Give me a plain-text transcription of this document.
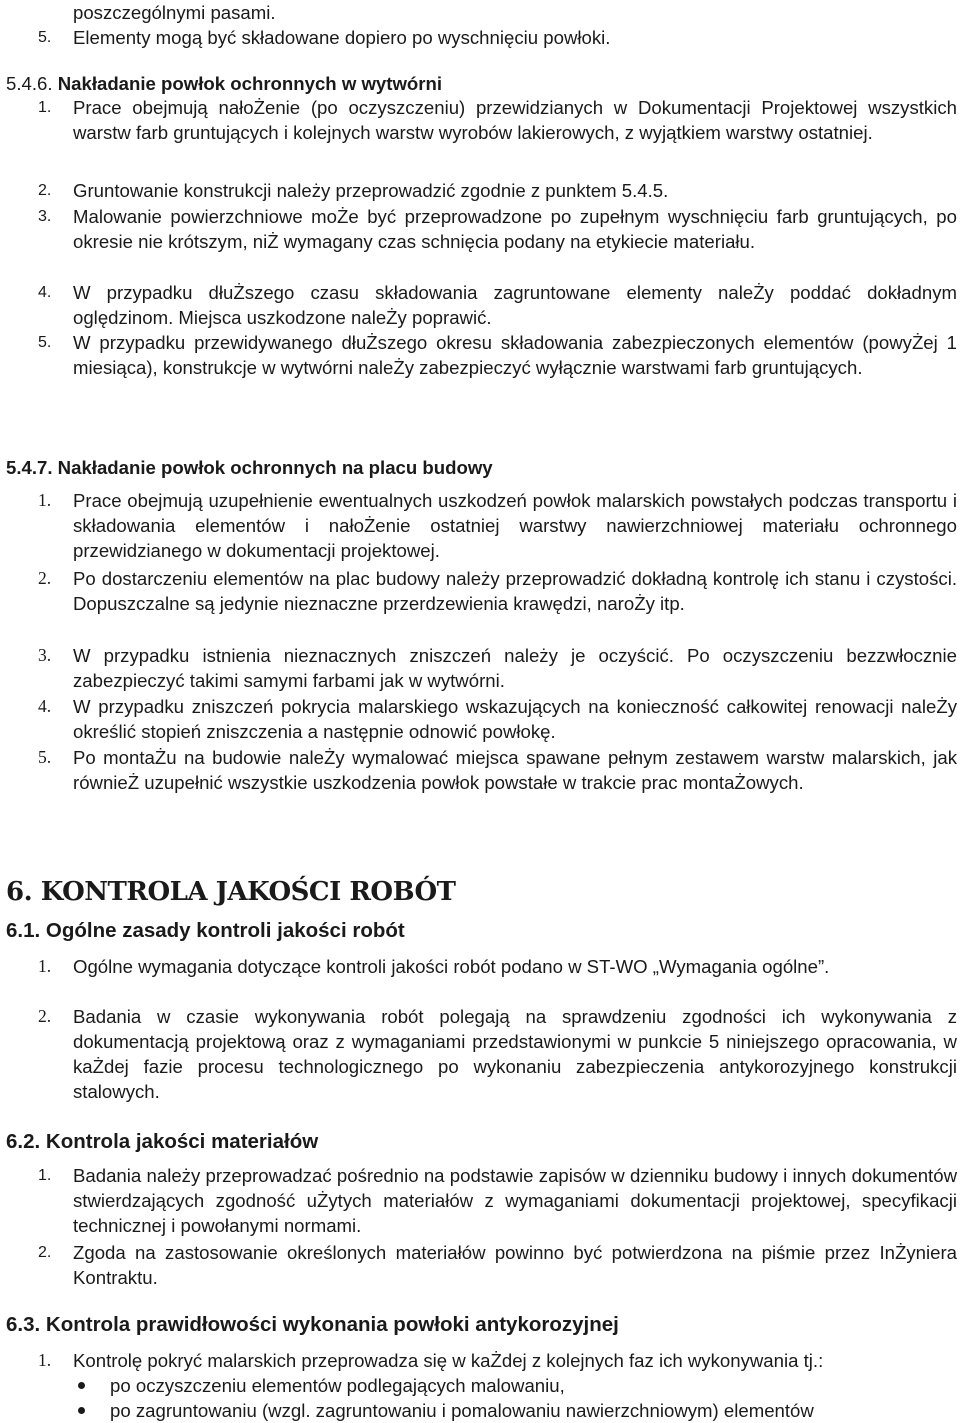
poszczególnymi pasami.
5. Elementy mogą być składowane dopiero po wyschnięciu powłoki.
5.4.6. Nakładanie powłok ochronnych w wytwórni
1. Prace obejmują nałoŻenie (po oczyszczeniu) przewidzianych w Dokumentacji Projektowej wszystkich warstw farb gruntujących i kolejnych warstw wyrobów lakierowych, z wyjątkiem warstwy ostatniej.
2. Gruntowanie konstrukcji należy przeprowadzić zgodnie z punktem 5.4.5.
3. Malowanie powierzchniowe moŻe być przeprowadzone po zupełnym wyschnięciu farb gruntujących, po okresie nie krótszym, niŻ wymagany czas schnięcia podany na etykiecie materiału.
4. W przypadku dłuŻszego czasu składowania zagruntowane elementy naleŻy poddać dokładnym oględzinom. Miejsca uszkodzone naleŻy poprawić.
5. W przypadku przewidywanego dłuŻszego okresu składowania zabezpieczonych elementów (powyŻej 1 miesiąca), konstrukcje w wytwórni naleŻy zabezpieczyć wyłącznie warstwami farb gruntujących.
5.4.7. Nakładanie powłok ochronnych na placu budowy
1. Prace obejmują uzupełnienie ewentualnych uszkodzeń powłok malarskich powstałych podczas transportu i składowania elementów i nałoŻenie ostatniej warstwy nawierzchniowej materiału ochronnego przewidzianego w dokumentacji projektowej.
2. Po dostarczeniu elementów na plac budowy należy przeprowadzić dokładną kontrolę ich stanu i czystości. Dopuszczalne są jedynie nieznaczne przerdzewienia krawędzi, naroŻy itp.
3. W przypadku istnienia nieznacznych zniszczeń należy je oczyścić. Po oczyszczeniu bezzwłocznie zabezpieczyć takimi samymi farbami jak w wytwórni.
4. W przypadku zniszczeń pokrycia malarskiego wskazujących na konieczność całkowitej renowacji naleŻy określić stopień zniszczenia a następnie odnowić powłokę.
5. Po montaŻu na budowie naleŻy wymalować miejsca spawane pełnym zestawem warstw malarskich, jak równieŻ uzupełnić wszystkie uszkodzenia powłok powstałe w trakcie prac montaŻowych.
6. KONTROLA JAKOŚCI ROBÓT
6.1. Ogólne zasady kontroli jakości robót
1. Ogólne wymagania dotyczące kontroli jakości robót podano w ST-WO „Wymagania ogólne”.
2. Badania w czasie wykonywania robót polegają na sprawdzeniu zgodności ich wykonywania z dokumentacją projektową oraz z wymaganiami przedstawionymi w punkcie 5 niniejszego opracowania, w kaŻdej fazie procesu technologicznego po wykonaniu zabezpieczenia antykorozyjnego konstrukcji stalowych.
6.2. Kontrola jakości materiałów
1. Badania należy przeprowadzać pośrednio na podstawie zapisów w dzienniku budowy i innych dokumentów stwierdzających zgodność uŻytych materiałów z wymaganiami dokumentacji projektowej, specyfikacji technicznej i powołanymi normami.
2. Zgoda na zastosowanie określonych materiałów powinno być potwierdzona na piśmie przez InŻyniera Kontraktu.
6.3. Kontrola prawidłowości wykonania powłoki antykorozyjnej
1. Kontrolę pokryć malarskich przeprowadza się w kaŻdej z kolejnych faz ich wykonywania tj.:
po oczyszczeniu elementów podlegających malowaniu,
po zagruntowaniu (wzgl. zagruntowaniu i pomalowaniu nawierzchniowym) elementów
